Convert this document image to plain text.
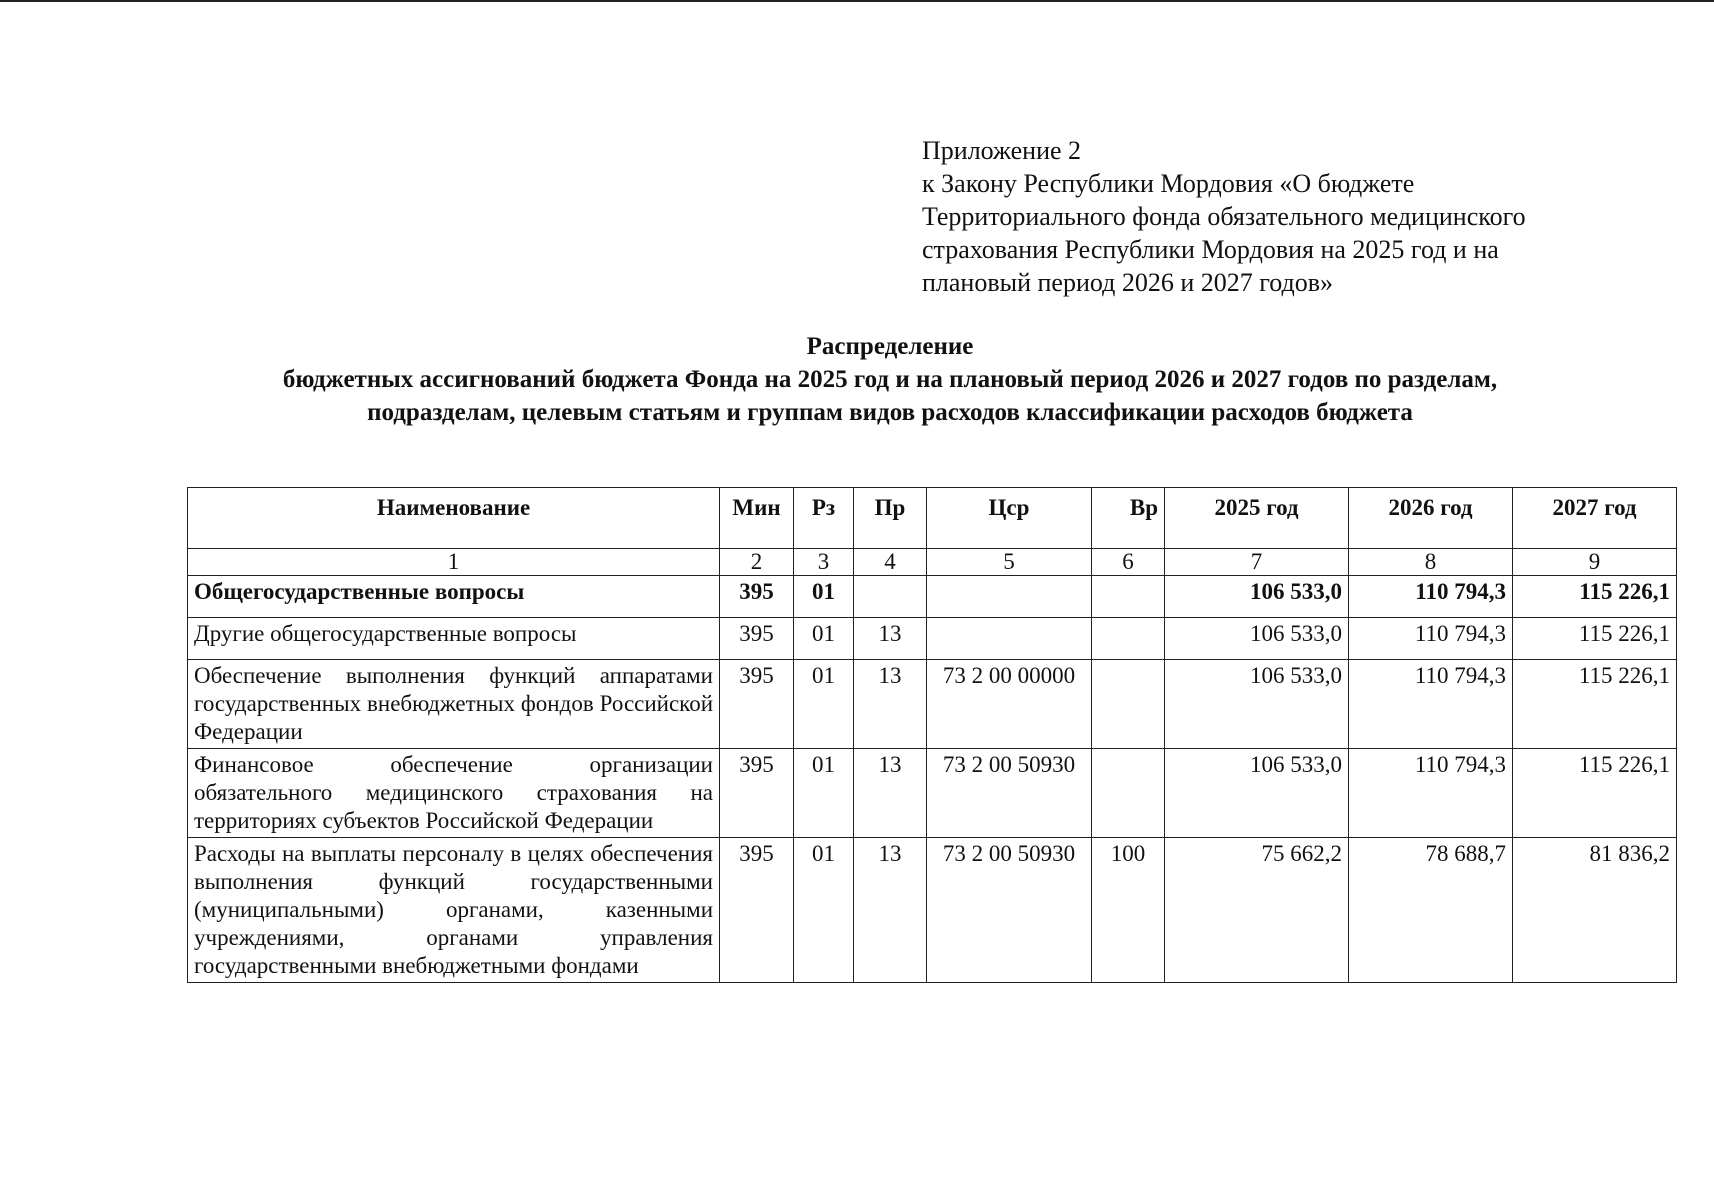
Приложение 2
к Закону Республики Мордовия «О бюджете
Территориального фонда обязательного медицинского
страхования Республики Мордовия на 2025 год и на
плановый период 2026 и 2027 годов»
Распределение
бюджетных ассигнований бюджета Фонда на 2025 год и на плановый период 2026 и 2027 годов по разделам,
подразделам, целевым статьям и группам видов расходов классификации расходов бюджета
Наименование	Мин	Рз	Пр	Цср	Вр	2025 год	2026 год	2027 год
1	2	3	4	5	6	7	8	9
Общегосударственные вопросы	395	01				106 533,0	110 794,3	115 226,1
Другие общегосударственные вопросы	395	01	13			106 533,0	110 794,3	115 226,1
Обеспечение выполнения функций аппаратами государственных внебюджетных фондов Российской Федерации	395	01	13	73 2 00 00000		106 533,0	110 794,3	115 226,1
Финансовое обеспечение организации обязательного медицинского страхования на территориях субъектов Российской Федерации	395	01	13	73 2 00 50930		106 533,0	110 794,3	115 226,1
Расходы на выплаты персоналу в целях обеспечения выполнения функций государственными (муниципальными) органами, казенными учреждениями, органами управления государственными внебюджетными фондами	395	01	13	73 2 00 50930	100	75 662,2	78 688,7	81 836,2
